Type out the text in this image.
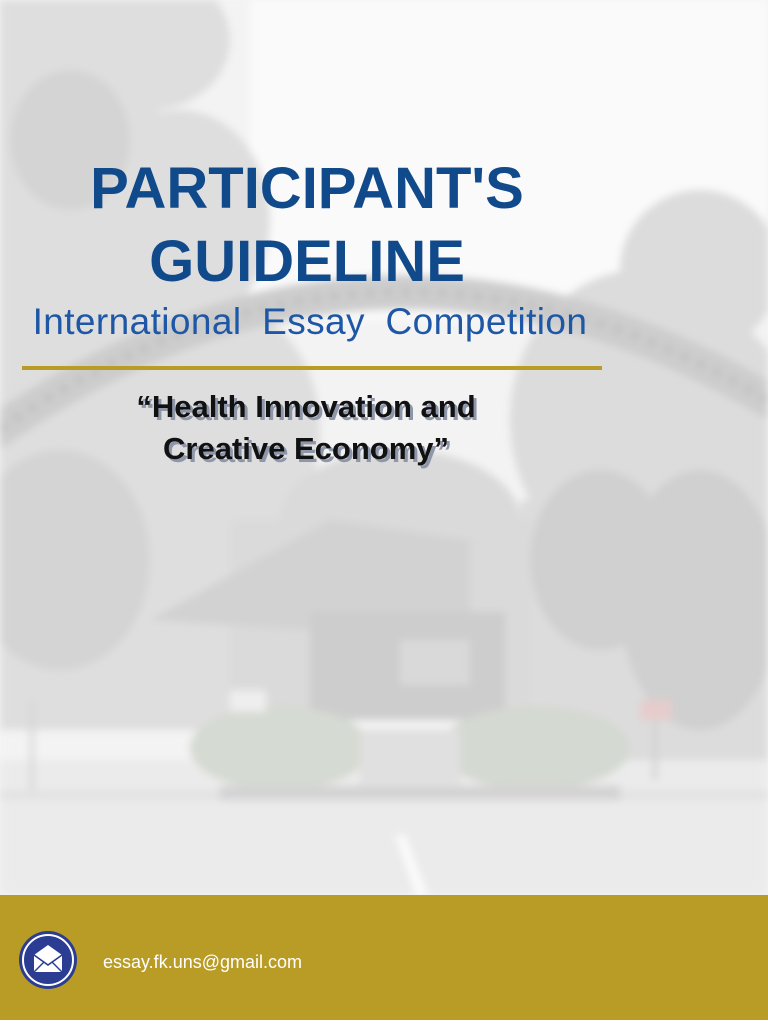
PARTICIPANT'S
GUIDELINE
International Essay Competition
“Health Innovation and
Creative Economy”
essay.fk.uns@gmail.com
